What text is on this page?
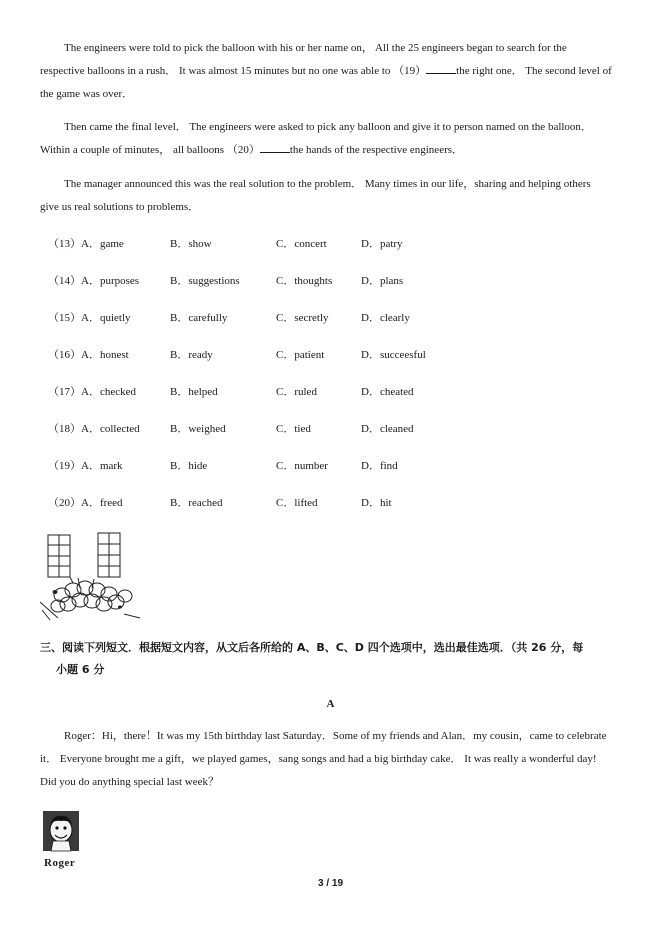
The engineers were told to pick the balloon with his or her name on， All the 25 engineers began to search for the respective balloons in a rush． It was almost 15 minutes but no one was able to （19）	the right one． The second level of the game was over．

Then came the final level． The engineers were asked to pick any balloon and give it to person named on the balloon． Within a couple of minutes， all balloons （20）	the hands of the respective engineers．

The manager announced this was the real solution to the problem． Many times in our life，sharing and helping others give us real solutions to problems．

（13）A．game	B．show	C．concert	D．patry
（14）A．purposes	B．suggestions	C．thoughts	D．plans
（15）A．quietly	B．carefully	C．secretly	D．clearly
（16）A．honest	B．ready	C．patient	D．succeesful
（17）A．checked	B．helped	C．ruled	D．cheated
（18）A．collected	B．weighed	C．tied	D．cleaned
（19）A．mark	B．hide	C．number	D．find
（20）A．freed	B．reached	C．lifted	D．hit
三、阅读下列短文．根据短文内容，从文后各所给的 A、B、C、D 四个选项中，选出最佳选项．（共 26 分，每
小题 6 分
A

Roger：Hi，there！It was my 15th birthday last Saturday．Some of my friends and Alan．my cousin，came to celebrate it． Everyone brought me a gift，we played games，sang songs and had a big birthday cake． It was really a wonderful day! Did you do anything special last week？

Roger
3 / 19
